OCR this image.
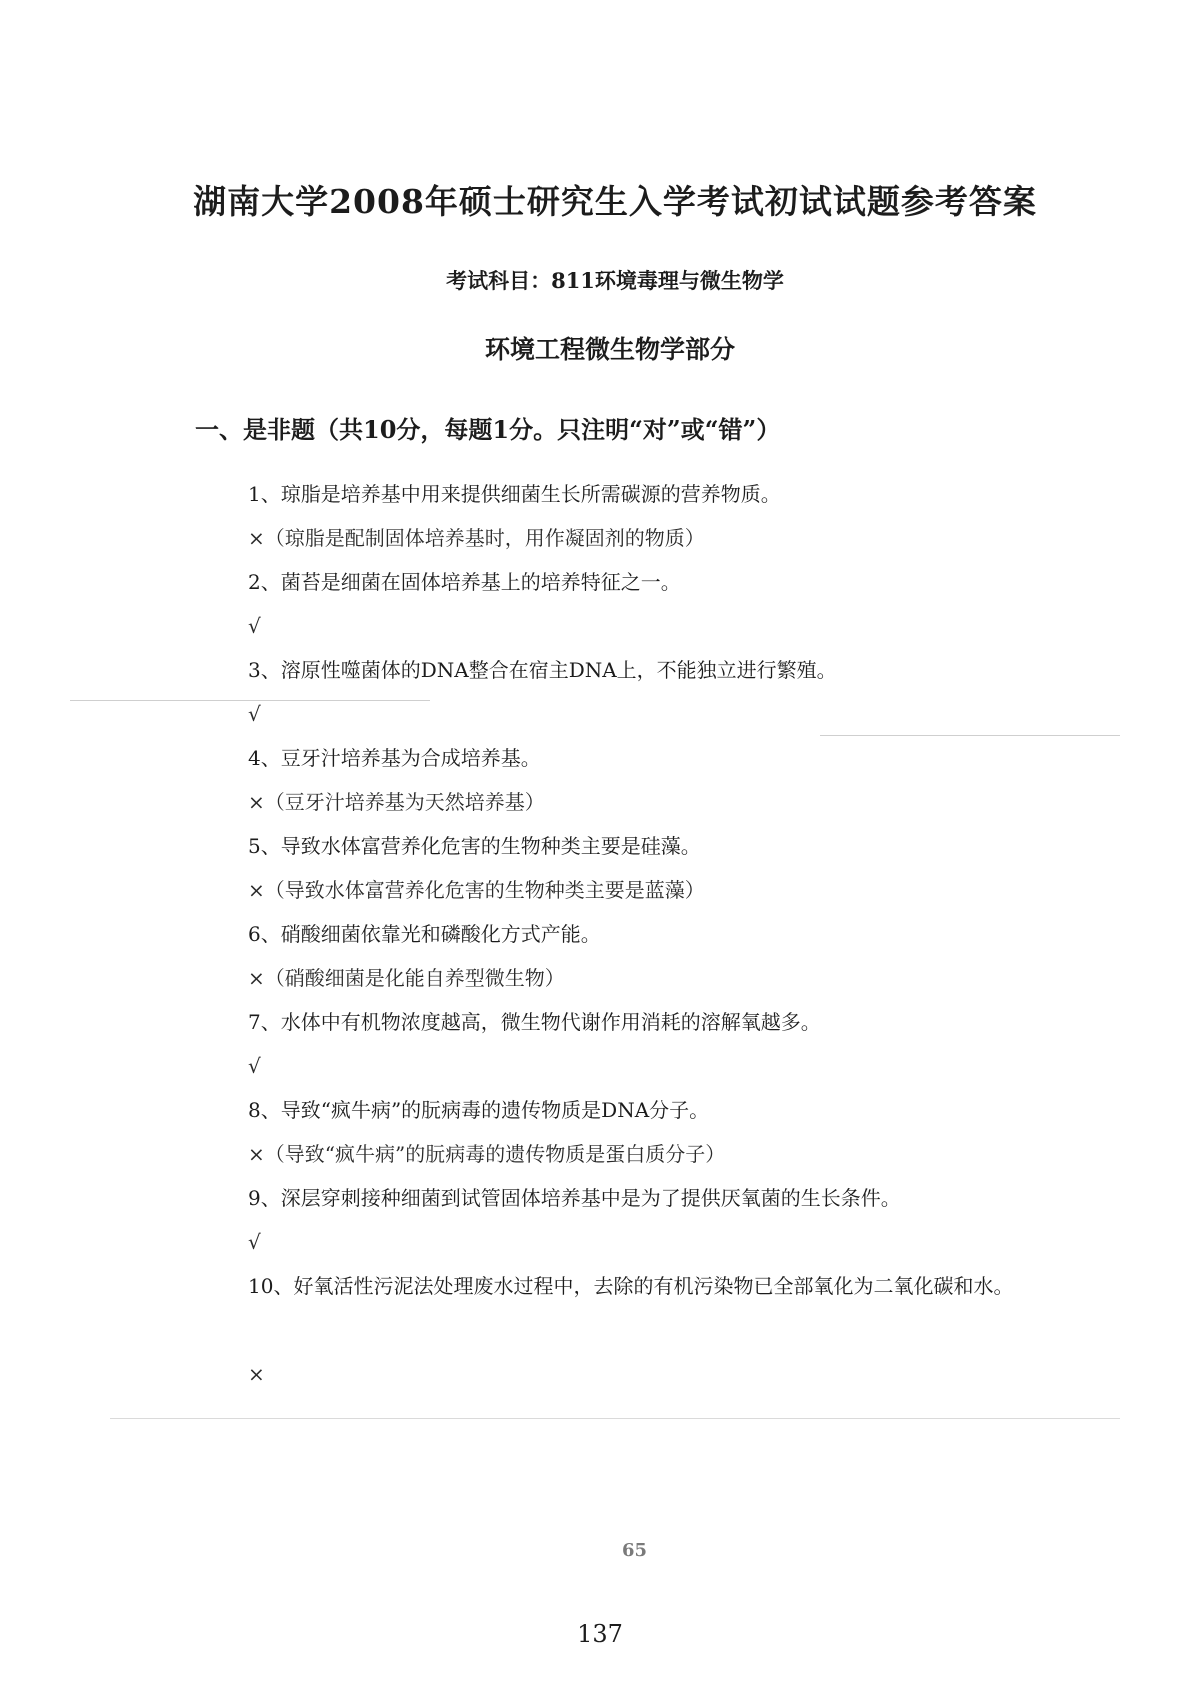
湖南大学2008年硕士研究生入学考试初试试题参考答案
考试科目：811环境毒理与微生物学
环境工程微生物学部分
一、是非题（共10分，每题1分。只注明“对”或“错”）
1、琼脂是培养基中用来提供细菌生长所需碳源的营养物质。
×（琼脂是配制固体培养基时，用作凝固剂的物质）
2、菌苔是细菌在固体培养基上的培养特征之一。
√
3、溶原性噬菌体的DNA整合在宿主DNA上，不能独立进行繁殖。
√
4、豆牙汁培养基为合成培养基。
×（豆牙汁培养基为天然培养基）
5、导致水体富营养化危害的生物种类主要是硅藻。
×（导致水体富营养化危害的生物种类主要是蓝藻）
6、硝酸细菌依靠光和磷酸化方式产能。
×（硝酸细菌是化能自养型微生物）
7、水体中有机物浓度越高，微生物代谢作用消耗的溶解氧越多。
√
8、导致“疯牛病”的朊病毒的遗传物质是DNA分子。
×（导致“疯牛病”的朊病毒的遗传物质是蛋白质分子）
9、深层穿刺接种细菌到试管固体培养基中是为了提供厌氧菌的生长条件。
√
10、好氧活性污泥法处理废水过程中，去除的有机污染物已全部氧化为二氧化碳和水。
×
65
137
